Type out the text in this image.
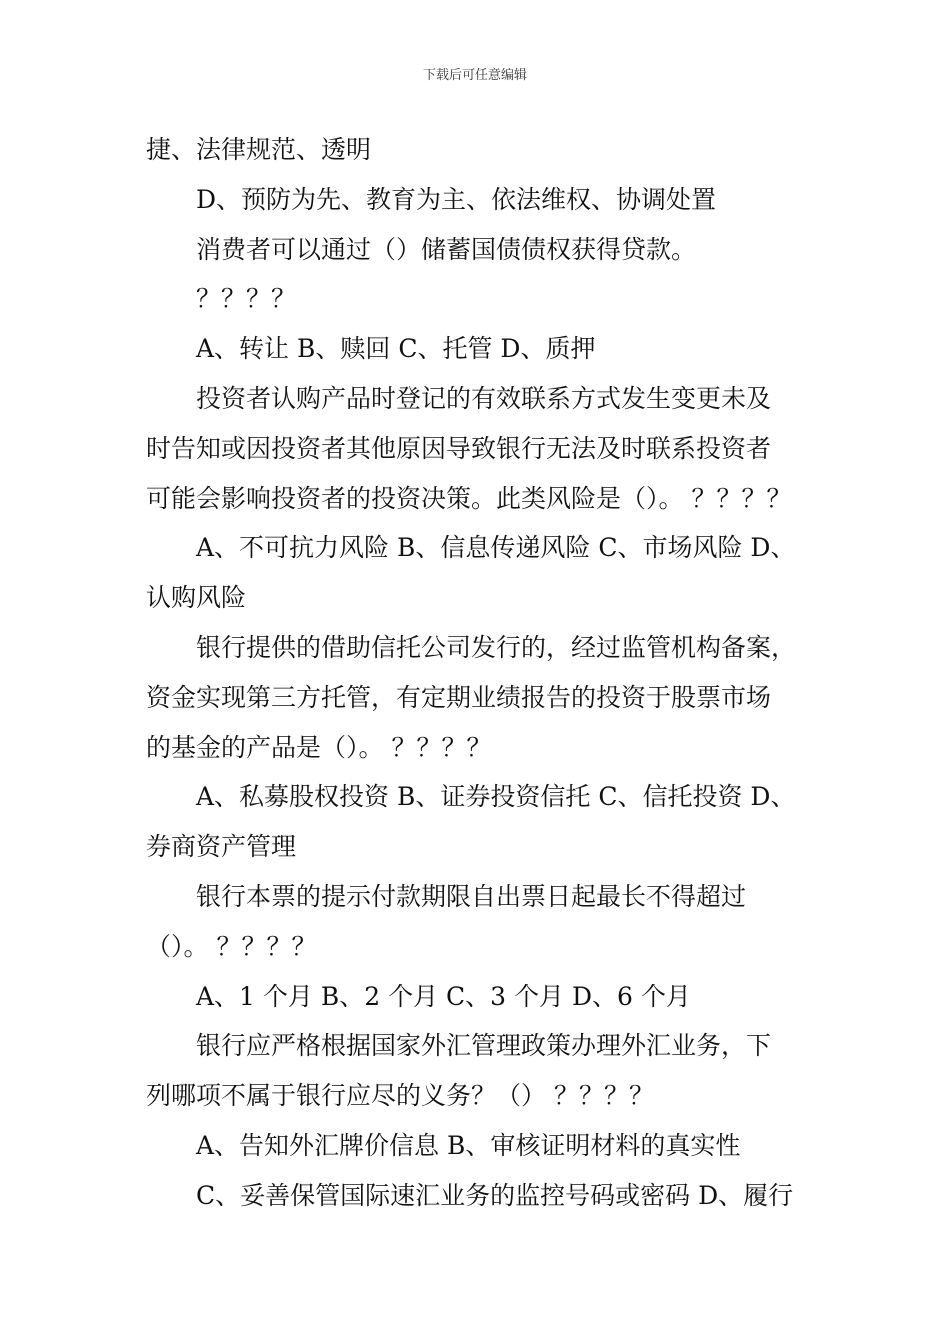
下载后可任意编辑
捷、法律规范、透明
D、预防为先、教育为主、依法维权、协调处置
消费者可以通过（）储蓄国债债权获得贷款。
？？？？
A、转让 B、赎回 C、托管 D、质押
投资者认购产品时登记的有效联系方式发生变更未及
时告知或因投资者其他原因导致银行无法及时联系投资者
可能会影响投资者的投资决策。此类风险是（）。 ？？？？
A、不可抗力风险 B、信息传递风险 C、市场风险 D、
认购风险
银行提供的借助信托公司发行的，经过监管机构备案，
资金实现第三方托管，有定期业绩报告的投资于股票市场
的基金的产品是（）。 ？？？？
A、私募股权投资 B、证券投资信托 C、信托投资 D、
券商资产管理
银行本票的提示付款期限自出票日起最长不得超过
（）。 ？？？？
A、1 个月 B、2 个月 C、3 个月 D、6 个月
银行应严格根据国家外汇管理政策办理外汇业务，下
列哪项不属于银行应尽的义务？（） ？？？？
A、告知外汇牌价信息 B、审核证明材料的真实性
C、妥善保管国际速汇业务的监控号码或密码 D、履行
